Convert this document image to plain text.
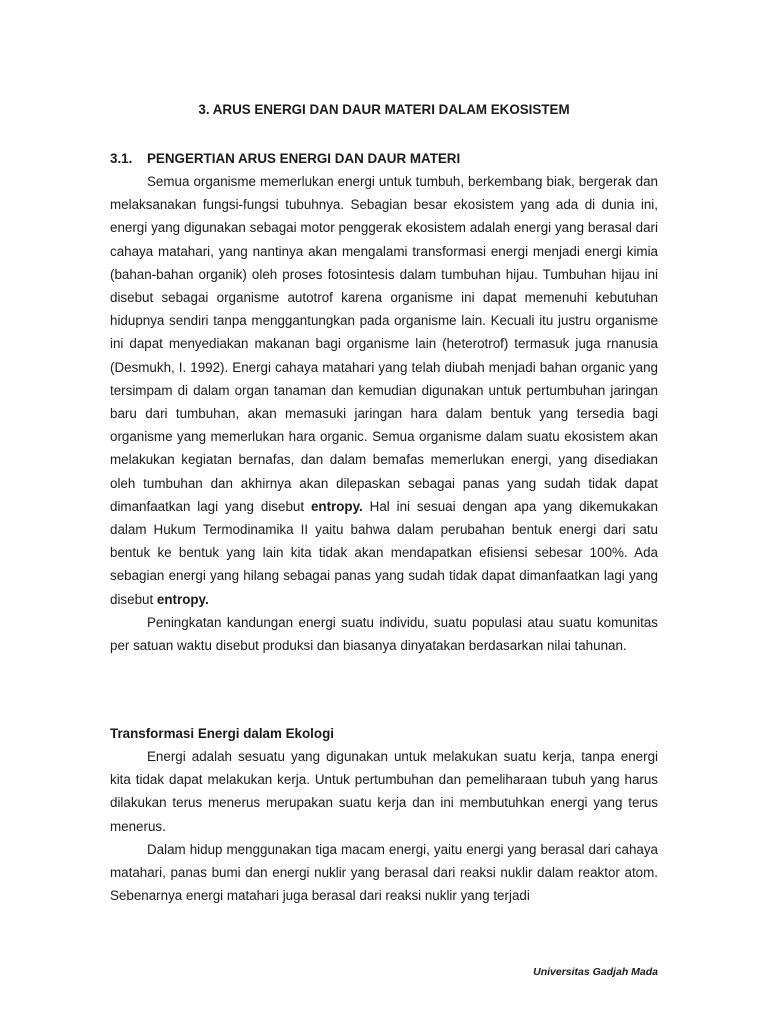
3. ARUS ENERGI DAN DAUR MATERI DALAM EKOSISTEM
3.1. PENGERTIAN ARUS ENERGI DAN DAUR MATERI

Semua organisme memerlukan energi untuk tumbuh, berkembang biak, bergerak dan melaksanakan fungsi-fungsi tubuhnya. Sebagian besar ekosistem yang ada di dunia ini, energi yang digunakan sebagai motor penggerak ekosistem adalah energi yang berasal dari cahaya matahari, yang nantinya akan mengalami transformasi energi menjadi energi kimia (bahan-bahan organik) oleh proses fotosintesis dalam tumbuhan hijau. Tumbuhan hijau ini disebut sebagai organisme autotrof karena organisme ini dapat memenuhi kebutuhan hidupnya sendiri tanpa menggantungkan pada organisme lain. Kecuali itu justru organisme ini dapat menyediakan makanan bagi organisme lain (heterotrof) termasuk juga rnanusia (Desmukh, I. 1992). Energi cahaya matahari yang telah diubah menjadi bahan organic yang tersimpam di dalam organ tanaman dan kemudian digunakan untuk pertumbuhan jaringan baru dari tumbuhan, akan memasuki jaringan hara dalam bentuk yang tersedia bagi organisme yang memerlukan hara organic. Semua organisme dalam suatu ekosistem akan melakukan kegiatan bernafas, dan dalam bemafas memerlukan energi, yang disediakan oleh tumbuhan dan akhirnya akan dilepaskan sebagai panas yang sudah tidak dapat dimanfaatkan lagi yang disebut entropy. Hal ini sesuai dengan apa yang dikemukakan dalam Hukum Termodinamika II yaitu bahwa dalam perubahan bentuk energi dari satu bentuk ke bentuk yang lain kita tidak akan mendapatkan efisiensi sebesar 100%. Ada sebagian energi yang hilang sebagai panas yang sudah tidak dapat dimanfaatkan lagi yang disebut entropy.

Peningkatan kandungan energi suatu individu, suatu populasi atau suatu komunitas per satuan waktu disebut produksi dan biasanya dinyatakan berdasarkan nilai tahunan.

Transformasi Energi dalam Ekologi

Energi adalah sesuatu yang digunakan untuk melakukan suatu kerja, tanpa energi kita tidak dapat melakukan kerja. Untuk pertumbuhan dan pemeliharaan tubuh yang harus dilakukan terus menerus merupakan suatu kerja dan ini membutuhkan energi yang terus menerus.

Dalam hidup menggunakan tiga macam energi, yaitu energi yang berasal dari cahaya matahari, panas bumi dan energi nuklir yang berasal dari reaksi nuklir dalam reaktor atom. Sebenarnya energi matahari juga berasal dari reaksi nuklir yang terjadi

Universitas Gadjah Mada
